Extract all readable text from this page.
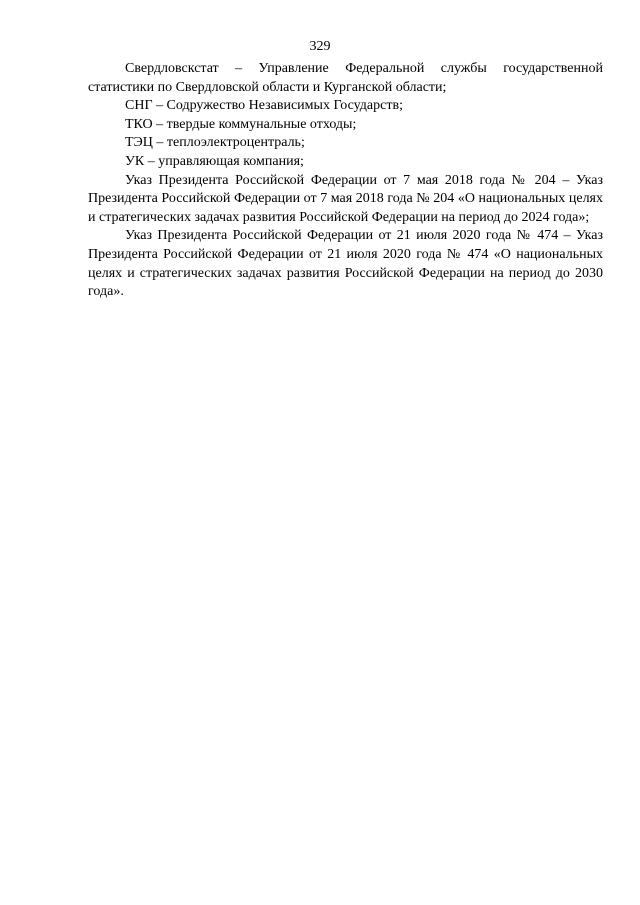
329

Свердловскстат – Управление Федеральной службы государственной статистики по Свердловской области и Курганской области;

СНГ – Содружество Независимых Государств;

ТКО – твердые коммунальные отходы;

ТЭЦ – теплоэлектроцентраль;

УК – управляющая компания;

Указ Президента Российской Федерации от 7 мая 2018 года № 204 – Указ Президента Российской Федерации от 7 мая 2018 года № 204 «О национальных целях и стратегических задачах развития Российской Федерации на период до 2024 года»;

Указ Президента Российской Федерации от 21 июля 2020 года № 474 – Указ Президента Российской Федерации от 21 июля 2020 года № 474 «О национальных целях и стратегических задачах развития Российской Федерации на период до 2030 года».
